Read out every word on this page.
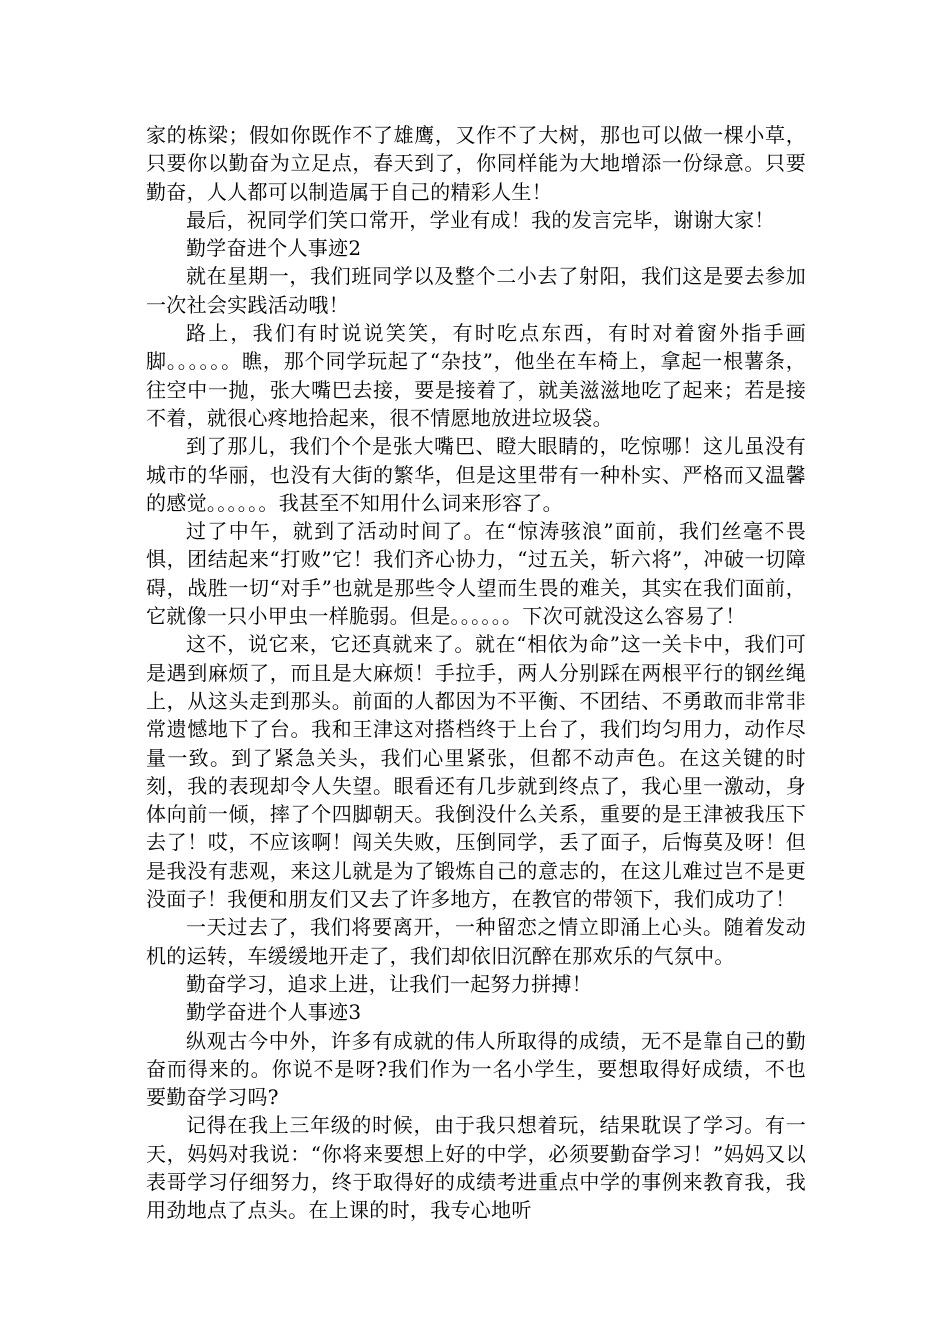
家的栋梁；假如你既作不了雄鹰，又作不了大树，那也可以做一棵小草，只要你以勤奋为立足点，春天到了，你同样能为大地增添一份绿意。只要勤奋，人人都可以制造属于自己的精彩人生！

最后，祝同学们笑口常开，学业有成！我的发言完毕，谢谢大家！

勤学奋进个人事迹2

就在星期一，我们班同学以及整个二小去了射阳，我们这是要去参加一次社会实践活动哦！

路上，我们有时说说笑笑，有时吃点东西，有时对着窗外指手画脚。。。。。。瞧，那个同学玩起了“杂技”，他坐在车椅上，拿起一根薯条，往空中一抛，张大嘴巴去接，要是接着了，就美滋滋地吃了起来；若是接不着，就很心疼地拾起来，很不情愿地放进垃圾袋。

到了那儿，我们个个是张大嘴巴、瞪大眼睛的，吃惊哪！这儿虽没有城市的华丽，也没有大街的繁华，但是这里带有一种朴实、严格而又温馨的感觉。。。。。。我甚至不知用什么词来形容了。

过了中午，就到了活动时间了。在“惊涛骇浪”面前，我们丝毫不畏惧，团结起来“打败”它！我们齐心协力，“过五关，斩六将”，冲破一切障碍，战胜一切“对手”也就是那些令人望而生畏的难关，其实在我们面前，它就像一只小甲虫一样脆弱。但是。。。。。。下次可就没这么容易了！

这不，说它来，它还真就来了。就在“相依为命”这一关卡中，我们可是遇到麻烦了，而且是大麻烦！手拉手，两人分别踩在两根平行的钢丝绳上，从这头走到那头。前面的人都因为不平衡、不团结、不勇敢而非常非常遗憾地下了台。我和王津这对搭档终于上台了，我们均匀用力，动作尽量一致。到了紧急关头，我们心里紧张，但都不动声色。在这关键的时刻，我的表现却令人失望。眼看还有几步就到终点了，我心里一激动，身体向前一倾，摔了个四脚朝天。我倒没什么关系，重要的是王津被我压下去了！哎，不应该啊！闯关失败，压倒同学，丢了面子，后悔莫及呀！但是我没有悲观，来这儿就是为了锻炼自己的意志的，在这儿难过岂不是更没面子！我便和朋友们又去了许多地方，在教官的带领下，我们成功了！

一天过去了，我们将要离开，一种留恋之情立即涌上心头。随着发动机的运转，车缓缓地开走了，我们却依旧沉醉在那欢乐的气氛中。

勤奋学习，追求上进，让我们一起努力拼搏！

勤学奋进个人事迹3

纵观古今中外，许多有成就的伟人所取得的成绩，无不是靠自己的勤奋而得来的。你说不是呀?我们作为一名小学生，要想取得好成绩，不也要勤奋学习吗?

记得在我上三年级的时候，由于我只想着玩，结果耽误了学习。有一天，妈妈对我说：“你将来要想上好的中学，必须要勤奋学习！”妈妈又以表哥学习仔细努力，终于取得好的成绩考进重点中学的事例来教育我，我用劲地点了点头。在上课的时，我专心地听
